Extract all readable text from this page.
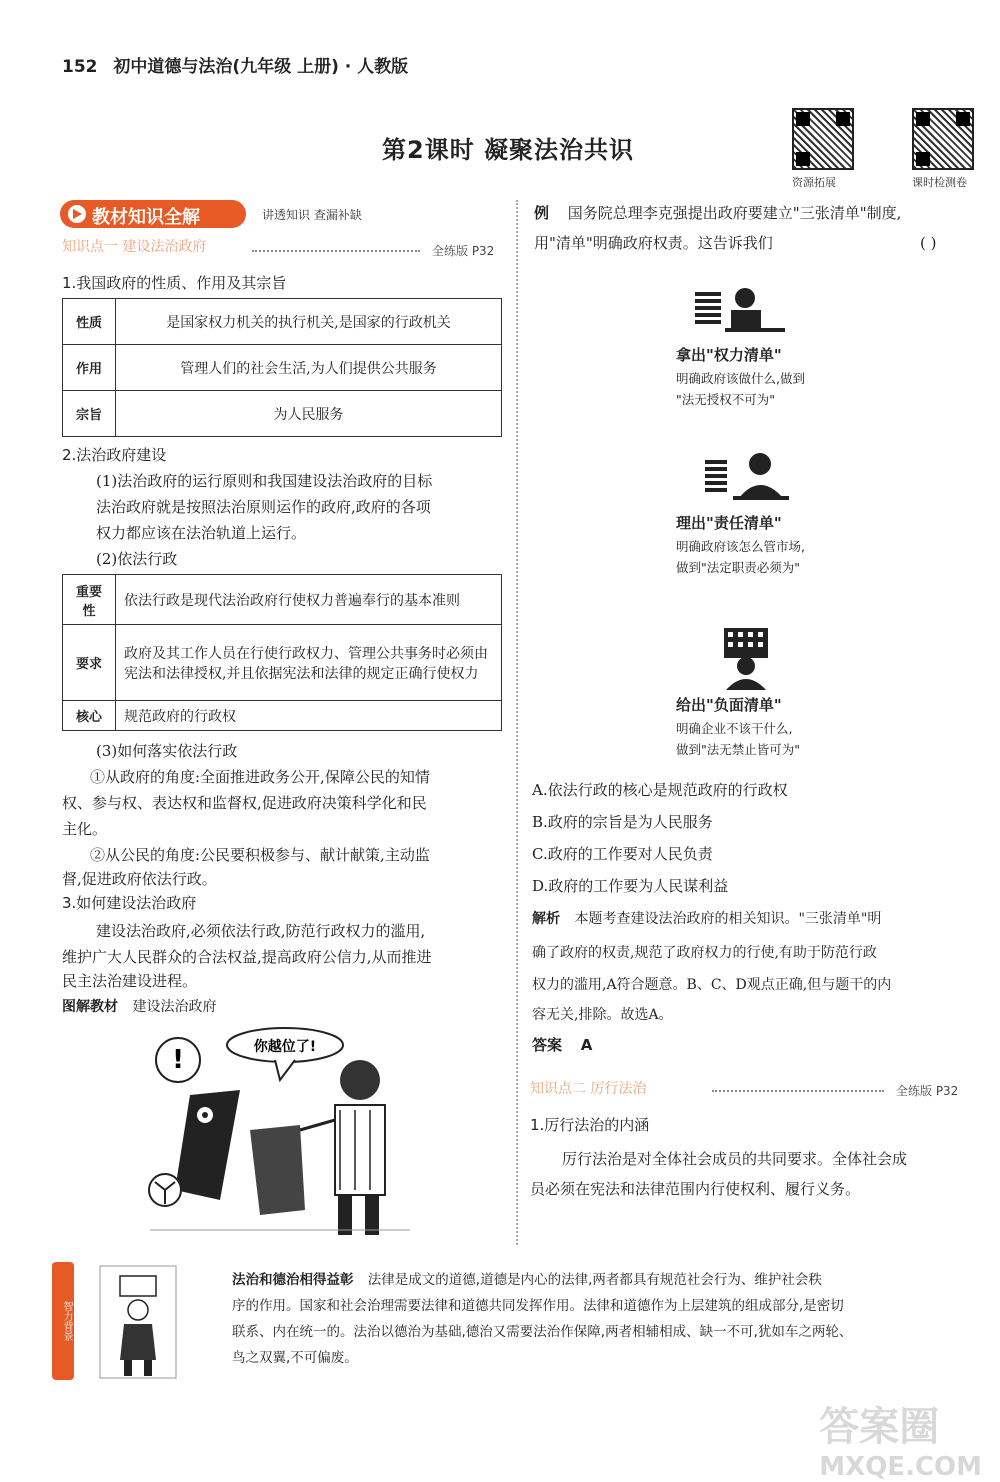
152 初中道德与法治(九年级 上册) · 人教版
第2课时 凝聚法治共识
资源拓展	课时检测卷
教材知识全解	讲透知识 查漏补缺
知识点一 建设法治政府	全练版 P32
1.我国政府的性质、作用及其宗旨
性质	是国家权力机关的执行机关,是国家的行政机关
作用	管理人们的社会生活,为人们提供公共服务
宗旨	为人民服务
2.法治政府建设
(1)法治政府的运行原则和我国建设法治政府的目标
法治政府就是按照法治原则运作的政府,政府的各项
权力都应该在法治轨道上运行。
(2)依法行政
重要性	依法行政是现代法治政府行使权力普遍奉行的基本准则
要求	政府及其工作人员在行使行政权力、管理公共事务时必须由宪法和法律授权,并且依据宪法和法律的规定正确行使权力
核心	规范政府的行政权
(3)如何落实依法行政
①从政府的角度:全面推进政务公开,保障公民的知情
权、参与权、表达权和监督权,促进政府决策科学化和民
主化。
②从公民的角度:公民要积极参与、献计献策,主动监
督,促进政府依法行政。
3.如何建设法治政府
建设法治政府,必须依法行政,防范行政权力的滥用,
维护广大人民群众的合法权益,提高政府公信力,从而推进
民主法治建设进程。
图解教材 建设法治政府
你越位了!
!
例 国务院总理李克强提出政府要建立"三张清单"制度,
用"清单"明确政府权责。这告诉我们	( )
拿出"权力清单"
明确政府该做什么,做到
"法无授权不可为"
理出"责任清单"
明确政府该怎么管市场,
做到"法定职责必须为"
给出"负面清单"
明确企业不该干什么,
做到"法无禁止皆可为"
A.依法行政的核心是规范政府的行政权
B.政府的宗旨是为人民服务
C.政府的工作要对人民负责
D.政府的工作要为人民谋利益
解析 本题考查建设法治政府的相关知识。"三张清单"明
确了政府的权责,规范了政府权力的行使,有助于防范行政
权力的滥用,A符合题意。B、C、D观点正确,但与题干的内
容无关,排除。故选A。
答案 A
知识点二 厉行法治	全练版 P32
1.厉行法治的内涵
厉行法治是对全体社会成员的共同要求。全体社会成
员必须在宪法和法律范围内行使权利、履行义务。
智力背景
法治和德治相得益彰 法律是成文的道德,道德是内心的法律,两者都具有规范社会行为、维护社会秩
序的作用。国家和社会治理需要法律和道德共同发挥作用。法律和道德作为上层建筑的组成部分,是密切
联系、内在统一的。法治以德治为基础,德治又需要法治作保障,两者相辅相成、缺一不可,犹如车之两轮、
鸟之双翼,不可偏废。
答案圈
MXQE.COM
